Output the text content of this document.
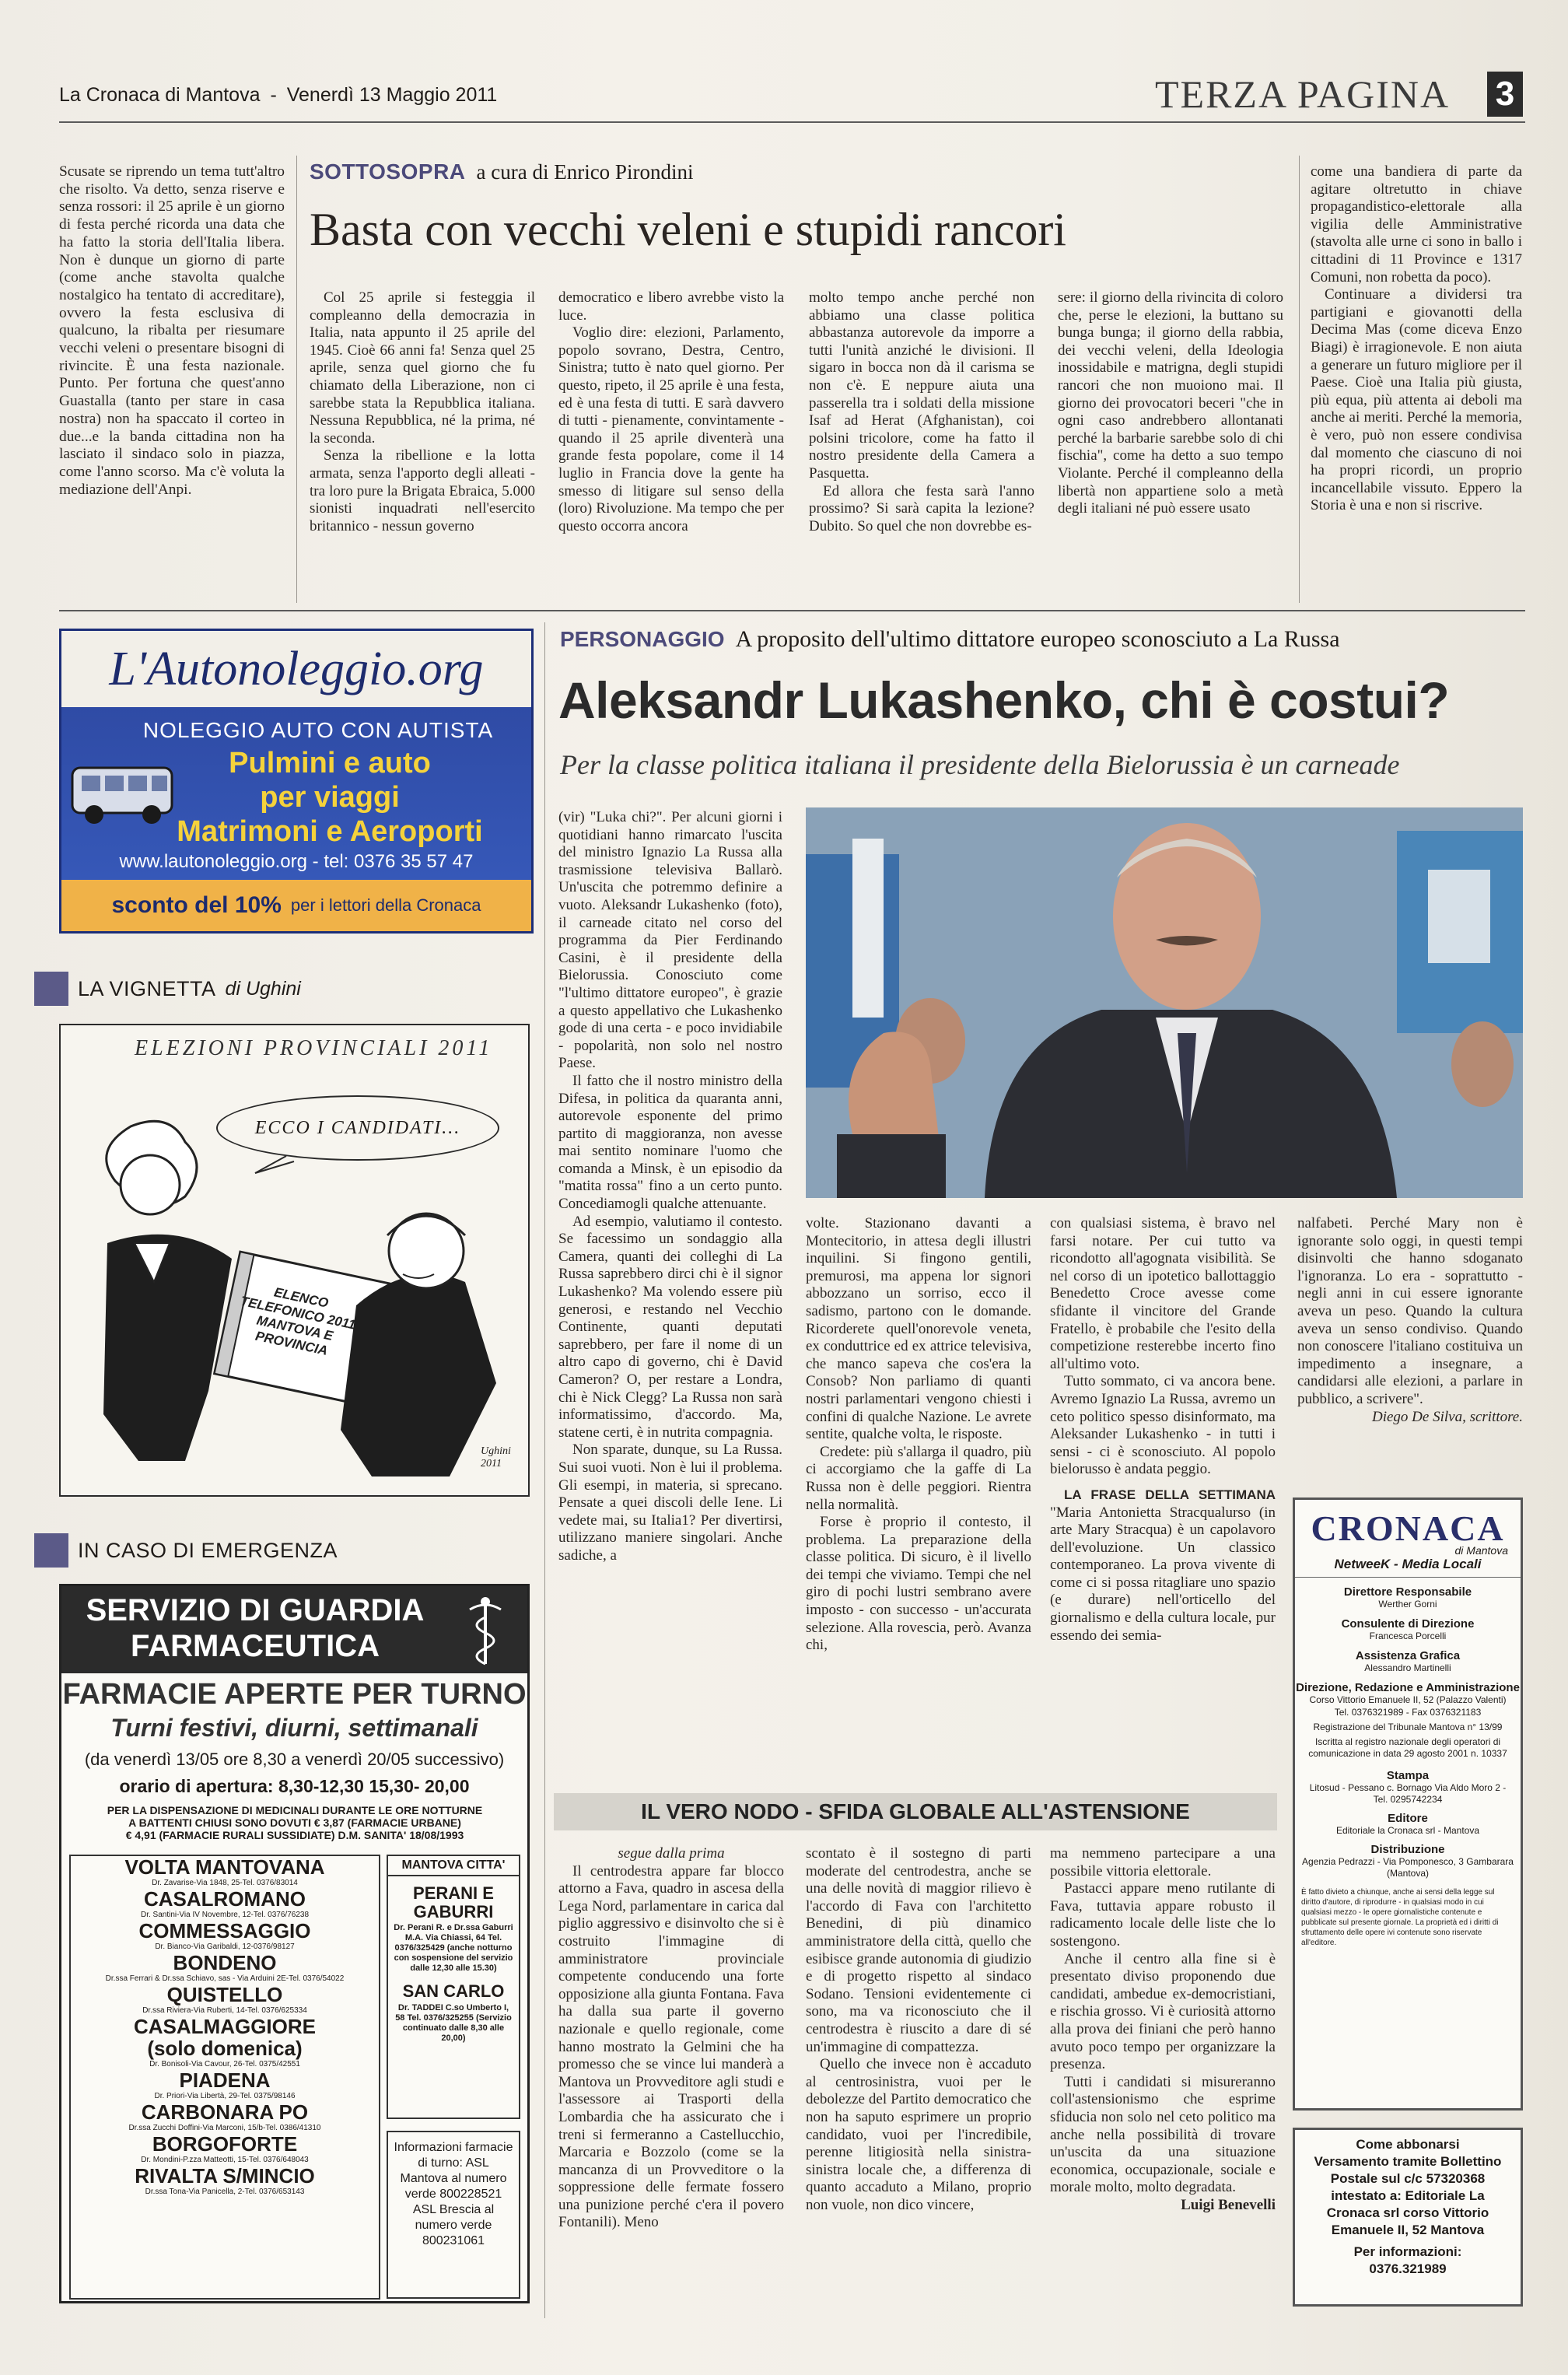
La Cronaca di Mantova - Venerdì 13 Maggio 2011	TERZA PAGINA 3

Scusate se riprendo un tema tutt'altro che risolto. Va detto, senza riserve e senza rossori: il 25 aprile è un giorno di festa perché ricorda una data che ha fatto la storia dell'Italia libera. Non è dunque un giorno di parte (come anche stavolta qualche nostalgico ha tentato di accreditare), ovvero la festa esclusiva di qualcuno, la ribalta per riesumare vecchi veleni o presentare bisogni di rivincite. È una festa nazionale. Punto. Per fortuna che quest'anno Guastalla (tanto per stare in casa nostra) non ha spaccato il corteo in due...e la banda cittadina non ha lasciato il sindaco solo in piazza, come l'anno scorso. Ma c'è voluta la mediazione dell'Anpi.

SOTTOSOPRA a cura di Enrico Pirondini
Basta con vecchi veleni e stupidi rancori

Col 25 aprile si festeggia il compleanno della democrazia in Italia, nata appunto il 25 aprile del 1945. Cioè 66 anni fa! Senza quel 25 aprile, senza quel giorno che fu chiamato della Liberazione, non ci sarebbe stata la Repubblica italiana. Nessuna Repubblica, né la prima, né la seconda.

Senza la ribellione e la lotta armata, senza l'apporto degli alleati - tra loro pure la Brigata Ebraica, 5.000 sionisti inquadrati nell'esercito britannico - nessun governo

democratico e libero avrebbe visto la luce.

Voglio dire: elezioni, Parlamento, popolo sovrano, Destra, Centro, Sinistra; tutto è nato quel giorno. Per questo, ripeto, il 25 aprile è una festa, ed è una festa di tutti. E sarà davvero di tutti - pienamente, convintamente - quando il 25 aprile diventerà una grande festa popolare, come il 14 luglio in Francia dove la gente ha smesso di litigare sul senso della (loro) Rivoluzione. Ma tempo che per questo occorra ancora

molto tempo anche perché non abbiamo una classe politica abbastanza autorevole da imporre a tutti l'unità anziché le divisioni. Il sigaro in bocca non dà il carisma se non c'è. E neppure aiuta una passerella tra i soldati della missione Isaf ad Herat (Afghanistan), coi polsini tricolore, come ha fatto il nostro presidente della Camera a Pasquetta.

Ed allora che festa sarà l'anno prossimo? Si sarà capita la lezione? Dubito. So quel che non dovrebbe es-

sere: il giorno della rivincita di coloro che, perse le elezioni, la buttano su bunga bunga; il giorno della rabbia, dei vecchi veleni, della Ideologia inossidabile e matrigna, degli stupidi rancori che non muoiono mai. Il giorno dei provocatori beceri "che in ogni caso andrebbero allontanati perché la barbarie sarebbe solo di chi fischia", come ha detto a suo tempo Violante. Perché il compleanno della libertà non appartiene solo a metà degli italiani né può essere usato

come una bandiera di parte da agitare oltretutto in chiave propagandistico-elettorale alla vigilia delle Amministrative (stavolta alle urne ci sono in ballo i cittadini di 11 Province e 1317 Comuni, non robetta da poco).

Continuare a dividersi tra partigiani e giovanotti della Decima Mas (come diceva Enzo Biagi) è irragionevole. E non aiuta a generare un futuro migliore per il Paese. Cioè una Italia più giusta, più equa, più attenta ai deboli ma anche ai meriti. Perché la memoria, è vero, può non essere condivisa dal momento che ciascuno di noi ha propri ricordi, un proprio incancellabile vissuto. Eppero la Storia è una e non si riscrive.

L'Autonoleggio.org
NOLEGGIO AUTO CON AUTISTA
Pulmini e auto
per viaggi
Matrimoni e Aeroporti
www.lautonoleggio.org - tel: 0376 35 57 47
sconto del 10% per i lettori della Cronaca
LA VIGNETTA di Ughini
ELEZIONI PROVINCIALI 2011
ECCO I CANDIDATI...
ELENCO TELEFONICO 2011 MANTOVA E PROVINCIA
Ughini 2011
IN CASO DI EMERGENZA
SERVIZIO DI GUARDIA FARMACEUTICA
FARMACIE APERTE PER TURNO
Turni festivi, diurni, settimanali
(da venerdì 13/05 ore 8,30 a venerdì 20/05 successivo)
orario di apertura: 8,30-12,30 15,30- 20,00
PER LA DISPENSAZIONE DI MEDICINALI DURANTE LE ORE NOTTURNE
A BATTENTI CHIUSI SONO DOVUTI € 3,87 (FARMACIE URBANE)
€ 4,91 (FARMACIE RURALI SUSSIDIATE) D.M. SANITA' 18/08/1993
VOLTA MANTOVANA
Dr. Zavarise-Via 1848, 25-Tel. 0376/83014
CASALROMANO
Dr. Santini-Via IV Novembre, 12-Tel. 0376/76238
COMMESSAGGIO
Dr. Bianco-Via Garibaldi, 12-0376/98127
BONDENO
Dr.ssa Ferrari & Dr.ssa Schiavo, sas - Via Arduini 2E-Tel. 0376/54022
QUISTELLO
Dr.ssa Riviera-Via Ruberti, 14-Tel. 0376/625334
CASALMAGGIORE
(solo domenica)
Dr. Bonisoli-Via Cavour, 26-Tel. 0375/42551
PIADENA
Dr. Priori-Via Libertà, 29-Tel. 0375/98146
CARBONARA PO
Dr.ssa Zucchi Doffini-Via Marconi, 15/b-Tel. 0386/41310
BORGOFORTE
Dr. Mondini-P.zza Matteotti, 15-Tel. 0376/648043
RIVALTA S/MINCIO
Dr.ssa Tona-Via Panicella, 2-Tel. 0376/653143
MANTOVA CITTA'
PERANI E GABURRI
Dr. Perani R. e Dr.ssa Gaburri M.A. Via Chiassi, 64 Tel. 0376/325429 (anche notturno con sospensione del servizio dalle 12,30 alle 15.30)
SAN CARLO
Dr. TADDEI C.so Umberto I, 58 Tel. 0376/325255 (Servizio continuato dalle 8,30 alle 20,00)
Informazioni farmacie di turno: ASL Mantova al numero verde 800228521 ASL Brescia al numero verde 800231061
PERSONAGGIO A proposito dell'ultimo dittatore europeo sconosciuto a La Russa
Aleksandr Lukashenko, chi è costui?
Per la classe politica italiana il presidente della Bielorussia è un carneade

(vir) "Luka chi?". Per alcuni giorni i quotidiani hanno rimarcato l'uscita del ministro Ignazio La Russa alla trasmissione televisiva Ballarò. Un'uscita che potremmo definire a vuoto. Aleksandr Lukashenko (foto), il carneade citato nel corso del programma da Pier Ferdinando Casini, è il presidente della Bielorussia. Conosciuto come "l'ultimo dittatore europeo", è grazie a questo appellativo che Lukashenko gode di una certa - e poco invidiabile - popolarità, non solo nel nostro Paese.

Il fatto che il nostro ministro della Difesa, in politica da quaranta anni, autorevole esponente del primo partito di maggioranza, non avesse mai sentito nominare l'uomo che comanda a Minsk, è un episodio da "matita rossa" fino a un certo punto. Concediamogli qualche attenuante.

Ad esempio, valutiamo il contesto. Se facessimo un sondaggio alla Camera, quanti dei colleghi di La Russa saprebbero dirci chi è il signor Lukashenko? Ma volendo essere più generosi, e restando nel Vecchio Continente, quanti deputati saprebbero, per fare il nome di un altro capo di governo, chi è David Cameron? O, per restare a Londra, chi è Nick Clegg? La Russa non sarà informatissimo, d'accordo. Ma, statene certi, è in nutrita compagnia.

Non sparate, dunque, su La Russa. Sui suoi vuoti. Non è lui il problema. Gli esempi, in materia, si sprecano. Pensate a quei discoli delle Iene. Li vedete mai, su Italia1? Per divertirsi, utilizzano maniere singolari. Anche sadiche, a

volte. Stazionano davanti a Montecitorio, in attesa degli illustri inquilini. Si fingono gentili, premurosi, ma appena lor signori abbozzano un sorriso, ecco il sadismo, partono con le domande. Ricorderete quell'onorevole veneta, ex conduttrice ed ex attrice televisiva, che manco sapeva che cos'era la Consob? Non parliamo di quanti nostri parlamentari vengono chiesti i confini di qualche Nazione. Le avrete sentite, qualche volta, le risposte.

Credete: più s'allarga il quadro, più ci accorgiamo che la gaffe di La Russa non è delle peggiori. Rientra nella normalità.

Forse è proprio il contesto, il problema. La preparazione della classe politica. Di sicuro, è il livello dei tempi che viviamo. Tempi che nel giro di pochi lustri sembrano avere imposto - con successo - un'accurata selezione. Alla rovescia, però. Avanza chi,

con qualsiasi sistema, è bravo nel farsi notare. Per cui tutto va ricondotto all'agognata visibilità. Se nel corso di un ipotetico ballottaggio Benedetto Croce avesse come sfidante il vincitore del Grande Fratello, è probabile che l'esito della competizione resterebbe incerto fino all'ultimo voto.

Tutto sommato, ci va ancora bene. Avremo Ignazio La Russa, avremo un ceto politico spesso disinformato, ma Aleksander Lukashenko - in tutti i sensi - ci è sconosciuto. Al popolo bielorusso è andata peggio.

LA FRASE DELLA SETTIMANA "Maria Antonietta Stracqualurso (in arte Mary Stracqua) è un capolavoro dell'evoluzione. Un classico contemporaneo. La prova vivente di come ci si possa ritagliare uno spazio (e durare) nell'orticello del giornalismo e della cultura locale, pur essendo dei semia-

nalfabeti. Perché Mary non è ignorante solo oggi, in questi tempi disinvolti che hanno sdoganato l'ignoranza. Lo era - soprattutto - negli anni in cui essere ignorante aveva un peso. Quando la cultura aveva un senso condiviso. Quando non conoscere l'italiano costituiva un impedimento a insegnare, a candidarsi alle elezioni, a parlare in pubblico, a scrivere".

Diego De Silva, scrittore.

CRONACA
di Mantova
NetweeK - Media Locali
Direttore Responsabile
Werther Gorni
Consulente di Direzione
Francesca Porcelli
Assistenza Grafica
Alessandro Martinelli
Direzione, Redazione e Amministrazione
Corso Vittorio Emanuele II, 52 (Palazzo Valenti)
Tel. 0376321989 - Fax 0376321183
Registrazione del Tribunale Mantova n° 13/99
Iscritta al registro nazionale degli operatori di comunicazione in data 29 agosto 2001 n. 10337
Stampa
Litosud - Pessano c. Bornago Via Aldo Moro 2 - Tel. 0295742234
Editore
Editoriale la Cronaca srl - Mantova
Distribuzione
Agenzia Pedrazzi - Via Pomponesco, 3 Gambarara (Mantova)
È fatto divieto a chiunque, anche ai sensi della legge sul diritto d'autore, di riprodurre - in qualsiasi modo in cui qualsiasi mezzo - le opere giornalistiche contenute e pubblicate sul presente giornale. La proprietà ed i diritti di sfruttamento delle opere ivi contenute sono riservate all'editore.
Come abbonarsi
Versamento tramite Bollettino Postale sul c/c 57320368 intestato a: Editoriale La Cronaca srl corso Vittorio Emanuele II, 52 Mantova
Per informazioni:
0376.321989
IL VERO NODO - SFIDA GLOBALE ALL'ASTENSIONE

segue dalla prima

Il centrodestra appare far blocco attorno a Fava, quadro in ascesa della Lega Nord, parlamentare in carica dal piglio aggressivo e disinvolto che si è costruito l'immagine di amministratore provinciale competente conducendo una forte opposizione alla giunta Fontana. Fava ha dalla sua parte il governo nazionale e quello regionale, come hanno mostrato la Gelmini che ha promesso che se vince lui manderà a Mantova un Provveditore agli studi e l'assessore ai Trasporti della Lombardia che ha assicurato che i treni si fermeranno a Castellucchio, Marcaria e Bozzolo (come se la mancanza di un Provveditore o la soppressione delle fermate fossero una punizione perché c'era il povero Fontanili). Meno

scontato è il sostegno di parti moderate del centrodestra, anche se una delle novità di maggior rilievo è l'accordo di Fava con l'architetto Benedini, di più dinamico amministratore della città, quello che esibisce grande autonomia di giudizio e di progetto rispetto al sindaco Sodano. Tensioni evidentemente ci sono, ma va riconosciuto che il centrodestra è riuscito a dare di sé un'immagine di compattezza.

Quello che invece non è accaduto al centrosinistra, vuoi per le debolezze del Partito democratico che non ha saputo esprimere un proprio candidato, vuoi per l'incredibile, perenne litigiosità nella sinistra-sinistra locale che, a differenza di quanto accaduto a Milano, proprio non vuole, non dico vincere,

ma nemmeno partecipare a una possibile vittoria elettorale.

Pastacci appare meno rutilante di Fava, tuttavia appare robusto il radicamento locale delle liste che lo sostengono.

Anche il centro alla fine si è presentato diviso proponendo due candidati, ambedue ex-democristiani, e rischia grosso. Vi è curiosità attorno alla prova dei finiani che però hanno avuto poco tempo per organizzare la presenza.

Tutti i candidati si misureranno coll'astensionismo che esprime sfiducia non solo nel ceto politico ma anche nella possibilità di trovare un'uscita da una situazione economica, occupazionale, sociale e morale molto, molto degradata.

Luigi Benevelli
